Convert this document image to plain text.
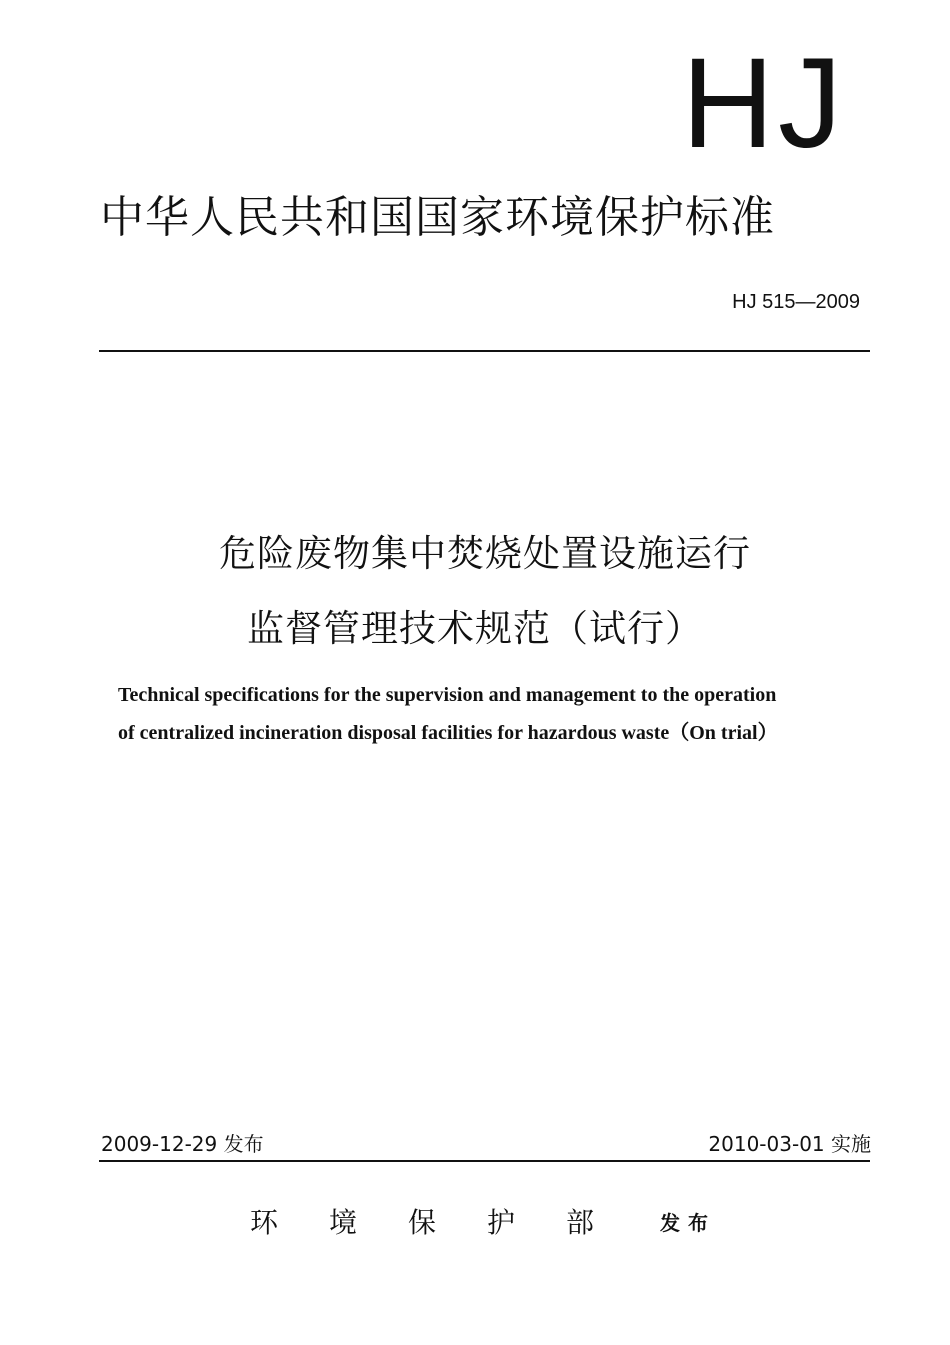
HJ
中华人民共和国国家环境保护标准
HJ 515—2009
危险废物集中焚烧处置设施运行
监督管理技术规范（试行）
Technical specifications for the supervision and management to the operation
of centralized incineration disposal facilities for hazardous waste（On trial）
2009-12-29 发布	2010-03-01 实施
环境保护部 发布
